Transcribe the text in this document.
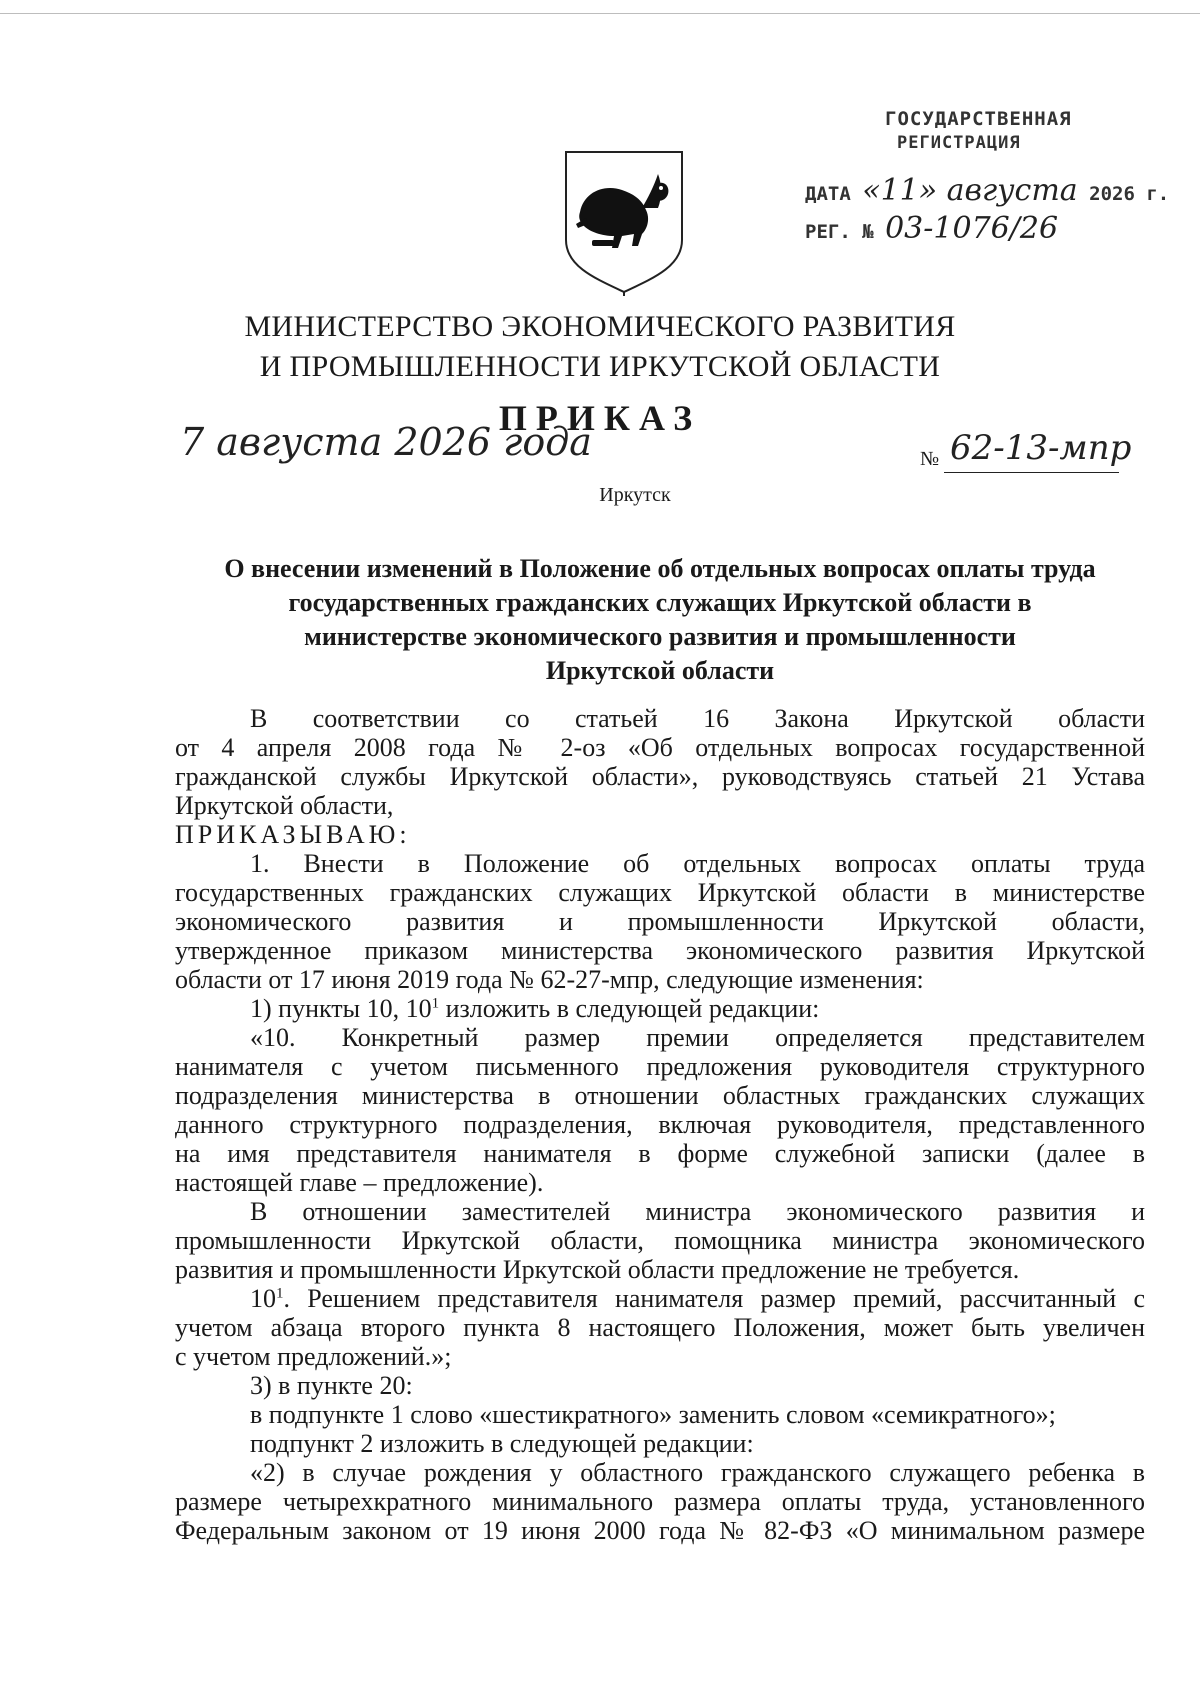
ГОСУДАРСТВЕННАЯ
РЕГИСТРАЦИЯ
ДАТА «11» августа 2026 г.
РЕГ. № 03-1076/26
МИНИСТЕРСТВО ЭКОНОМИЧЕСКОГО РАЗВИТИЯ
И ПРОМЫШЛЕННОСТИ ИРКУТСКОЙ ОБЛАСТИ
ПРИКАЗ
7 августа 2026 года	№ 62-13-мпр
Иркутск
О внесении изменений в Положение об отдельных вопросах оплаты труда
государственных гражданских служащих Иркутской области в
министерстве экономического развития и промышленности
Иркутской области

В соответствии со статьей 16 Закона Иркутской области

от 4 апреля 2008 года № 2-оз «Об отдельных вопросах государственной

гражданской службы Иркутской области», руководствуясь статьей 21 Устава

Иркутской области,

ПРИКАЗЫВАЮ:

1. Внести в Положение об отдельных вопросах оплаты труда

государственных гражданских служащих Иркутской области в министерстве

экономического развития и промышленности Иркутской области,

утвержденное приказом министерства экономического развития Иркутской

области от 17 июня 2019 года № 62-27-мпр, следующие изменения:

1) пункты 10, $10^1$ изложить в следующей редакции:

«10. Конкретный размер премии определяется представителем

нанимателя с учетом письменного предложения руководителя структурного

подразделения министерства в отношении областных гражданских служащих

данного структурного подразделения, включая руководителя, представленного

на имя представителя нанимателя в форме служебной записки (далее в

настоящей главе – предложение).

В отношении заместителей министра экономического развития и

промышленности Иркутской области, помощника министра экономического

развития и промышленности Иркутской области предложение не требуется.

$10^1$. Решением представителя нанимателя размер премий, рассчитанный с

учетом абзаца второго пункта 8 настоящего Положения, может быть увеличен

с учетом предложений.»;

3) в пункте 20:

в подпункте 1 слово «шестикратного» заменить словом «семикратного»;

подпункт 2 изложить в следующей редакции:

«2) в случае рождения у областного гражданского служащего ребенка в

размере четырехкратного минимального размера оплаты труда, установленного

Федеральным законом от 19 июня 2000 года № 82-ФЗ «О минимальном размере
